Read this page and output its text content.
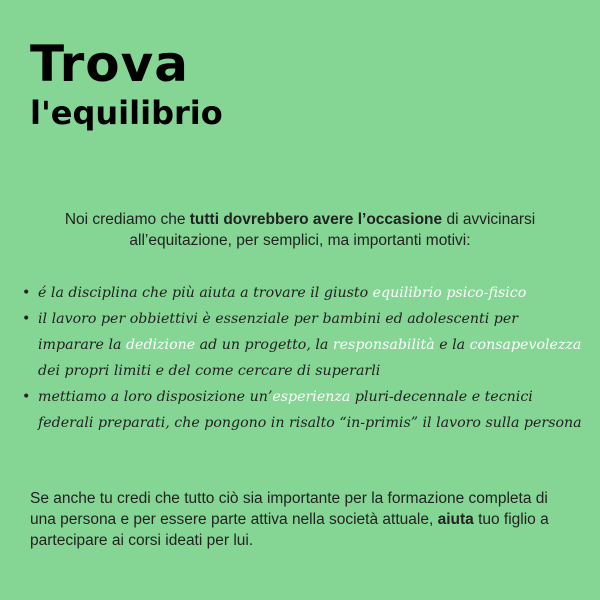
Trova
l'equilibrio

Noi crediamo che tutti dovrebbero avere l’occasione di avvicinarsi all’equitazione, per semplici, ma importanti motivi:

• é la disciplina che più aiuta a trovare il giusto equilibrio psico-fisico
• il lavoro per obbiettivi è essenziale per bambini ed adolescenti per imparare la dedizione ad un progetto, la responsabilità e la consapevolezza dei propri limiti e del come cercare di superarli
• mettiamo a loro disposizione un’esperienza pluri-decennale e tecnici federali preparati, che pongono in risalto “in-primis” il lavoro sulla persona

Se anche tu credi che tutto ciò sia importante per la formazione completa di una persona e per essere parte attiva nella società attuale, aiuta tuo figlio a partecipare ai corsi ideati per lui.
